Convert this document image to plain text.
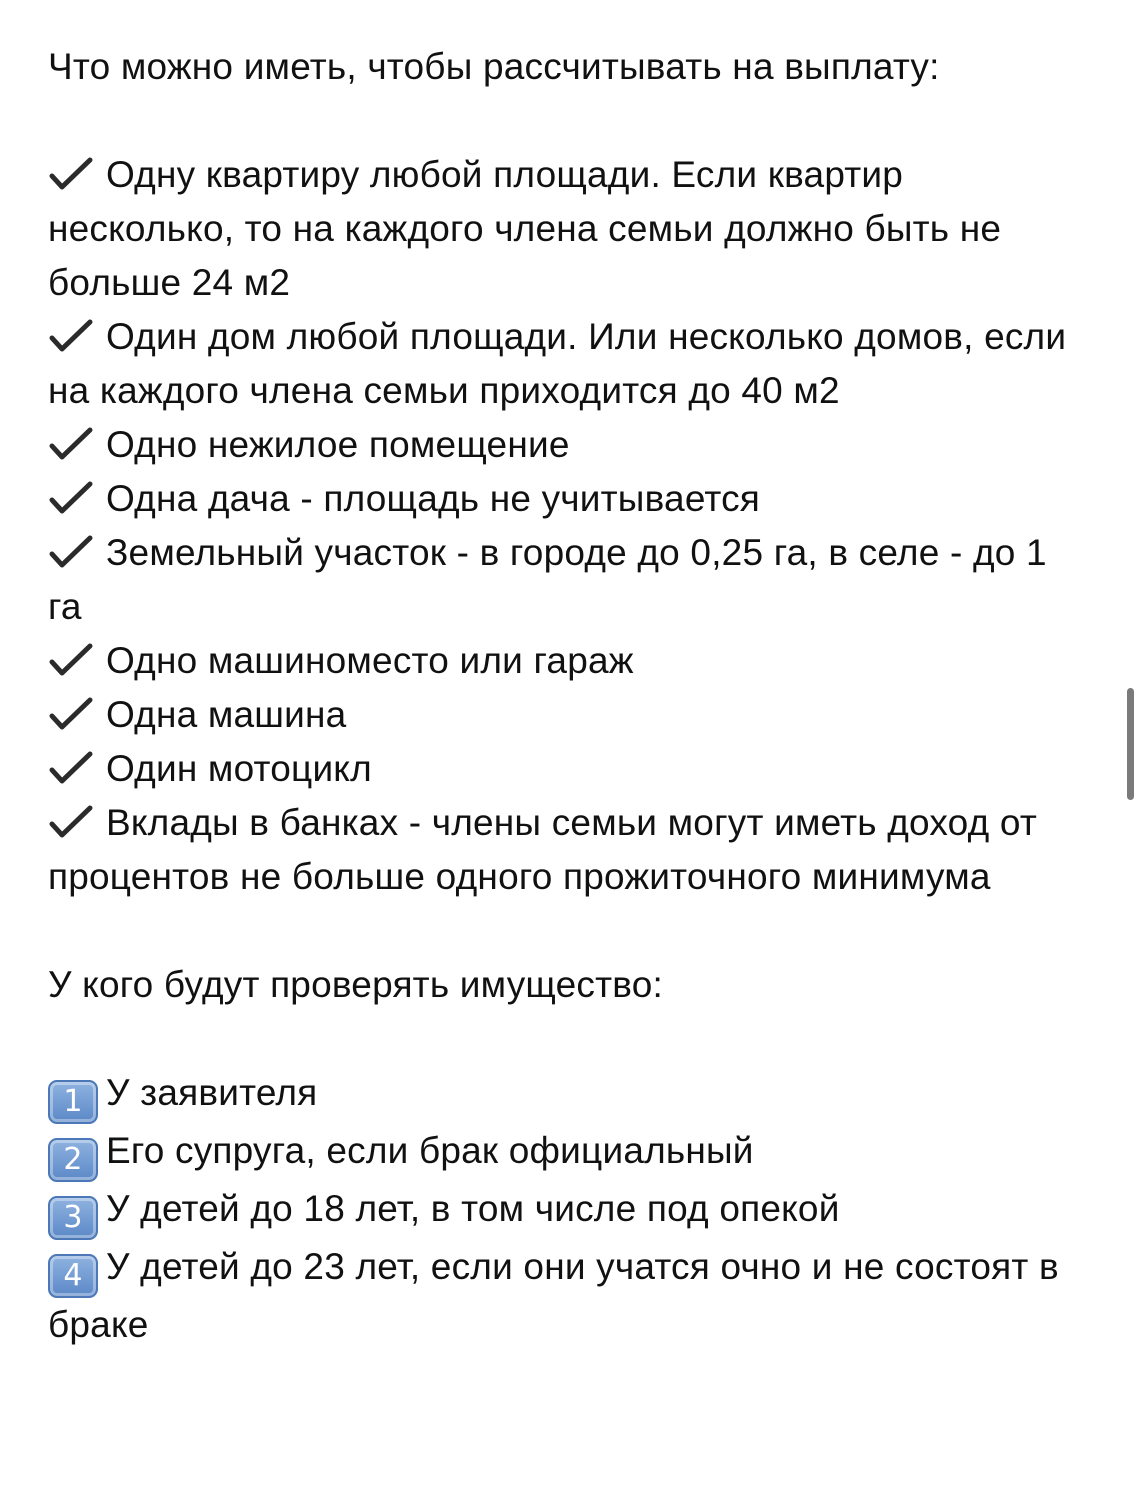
Что можно иметь, чтобы рассчитывать на выплату:

Одну квартиру любой площади. Если квартир несколько, то на каждого члена семьи должно быть не больше 24 м2

Один дом любой площади. Или несколько домов, если на каждого члена семьи приходится до 40 м2

Одно нежилое помещение

Одна дача - площадь не учитывается

Земельный участок - в городе до 0,25 га, в селе - до 1 га

Одно машиноместо или гараж

Одна машина

Один мотоцикл

Вклады в банках - члены семьи могут иметь доход от процентов не больше одного прожиточного минимума

У кого будут проверять имущество:

1 У заявителя

2 Его супруга, если брак официальный

3 У детей до 18 лет, в том числе под опекой

4 У детей до 23 лет, если они учатся очно и не состоят в браке
